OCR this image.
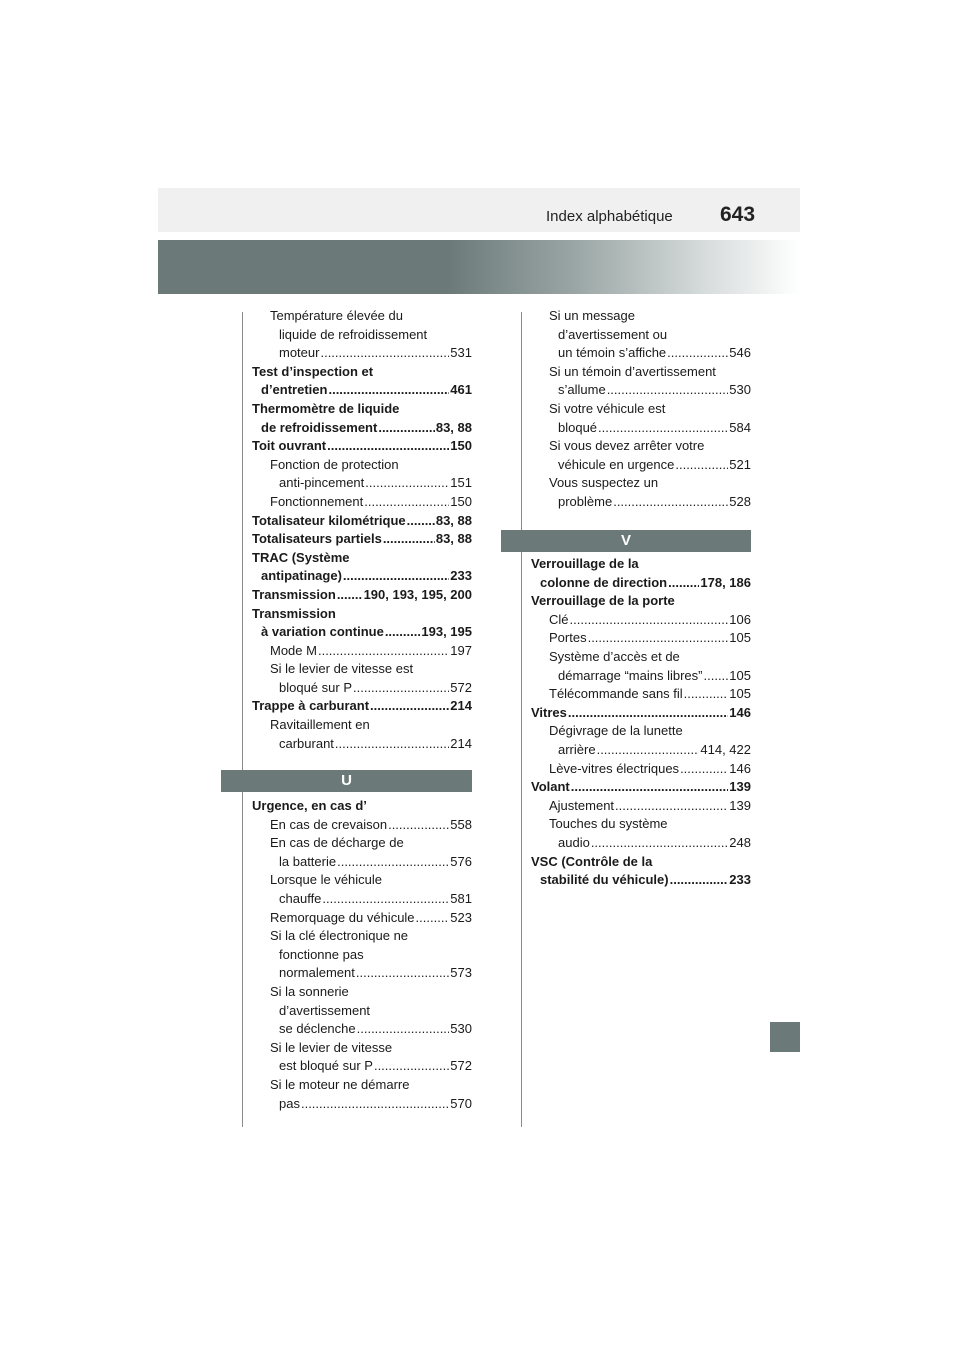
Index alphabétique 643
Température élevée du
liquide de refroidissement
moteur .....	531
Test d’inspection et
d’entretien .....	461
Thermomètre de liquide
de refroidissement .....	83, 88
Toit ouvrant .....	150
Fonction de protection
anti-pincement .....	151
Fonctionnement .....	150
Totalisateur kilométrique ..... 83, 88
Totalisateurs partiels .....	83, 88
TRAC (Système
antipatinage) .....	233
Transmission ..... 190, 193, 195, 200
Transmission
à variation continue .....	193, 195
Mode M .....	197
Si le levier de vitesse est
bloqué sur P .....	572
Trappe à carburant .....	214
Ravitaillement en
carburant .....	214
U
Urgence, en cas d’
En cas de crevaison .....	558
En cas de décharge de
la batterie .....	576
Lorsque le véhicule
chauffe .....	581
Remorquage du véhicule .....	523
Si la clé électronique ne
fonctionne pas
normalement .....	573
Si la sonnerie
d’avertissement
se déclenche .....	530
Si le levier de vitesse
est bloqué sur P .....	572
Si le moteur ne démarre
pas .....	570
Si un message
d’avertissement ou
un témoin s’affiche .....	546
Si un témoin d’avertissement
s’allume .....	530
Si votre véhicule est
bloqué .....	584
Si vous devez arrêter votre
véhicule en urgence .....	521
Vous suspectez un
problème .....	528
V
Verrouillage de la
colonne de direction .....	178, 186
Verrouillage de la porte
Clé .....	106
Portes .....	105
Système d’accès et de
démarrage “mains libres” ..... 105
Télécommande sans fil .....	105
Vitres .....	146
Dégivrage de la lunette
arrière .....	414, 422
Lève-vitres électriques .....	146
Volant .....	139
Ajustement .....	139
Touches du système
audio .....	248
VSC (Contrôle de la
stabilité du véhicule) .....	233
